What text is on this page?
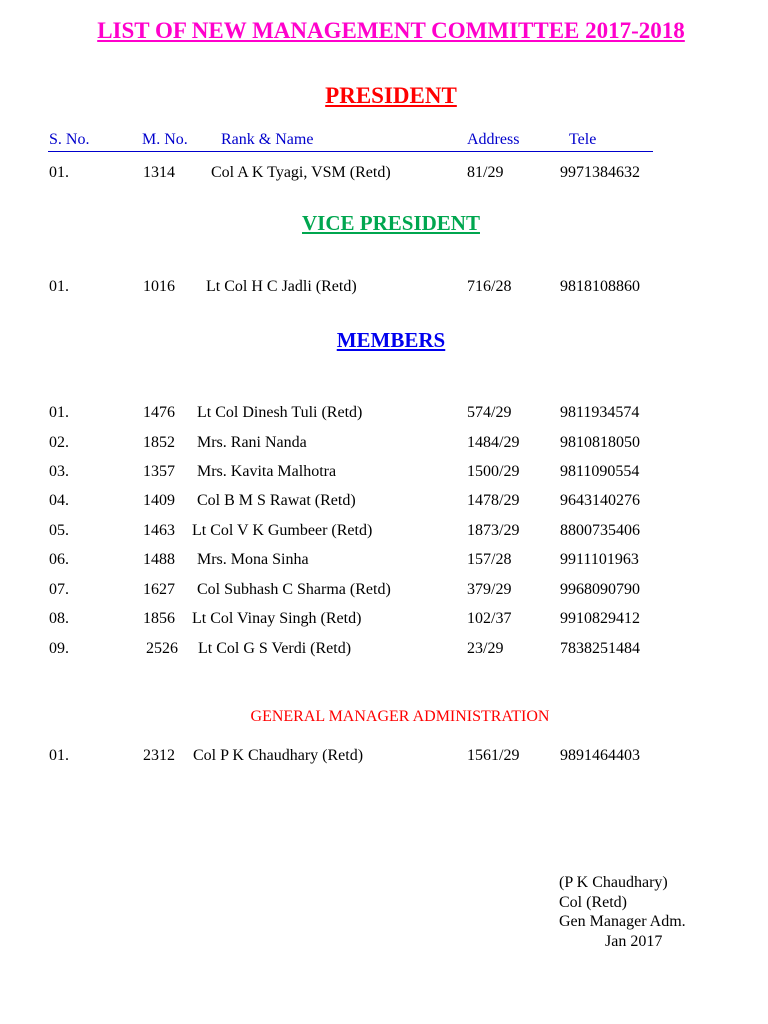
LIST OF NEW MANAGEMENT COMMITTEE 2017-2018
PRESIDENT
S. No.	M. No. Rank & Name	Address	Tele
01.	1314 Col A K Tyagi, VSM (Retd)	81/29	9971384632
VICE PRESIDENT
01.	1016 Lt Col H C Jadli (Retd)	716/28	9818108860
MEMBERS
01.	1476 Lt Col Dinesh Tuli (Retd)	574/29	9811934574
02.	1852 Mrs. Rani Nanda	1484/29	9810818050
03.	1357 Mrs. Kavita Malhotra	1500/29	9811090554
04.	1409 Col B M S Rawat (Retd)	1478/29	9643140276
05.	1463 Lt Col V K Gumbeer (Retd)	1873/29	8800735406
06.	1488 Mrs. Mona Sinha	157/28	9911101963
07.	1627 Col Subhash C Sharma (Retd)	379/29	9968090790
08.	1856 Lt Col Vinay Singh (Retd)	102/37	9910829412
09.	2526 Lt Col G S Verdi (Retd)	23/29	7838251484
GENERAL MANAGER ADMINISTRATION
01.	2312 Col P K Chaudhary (Retd)	1561/29	9891464403
(P K Chaudhary)
Col (Retd)
Gen Manager Adm.
Jan 2017
